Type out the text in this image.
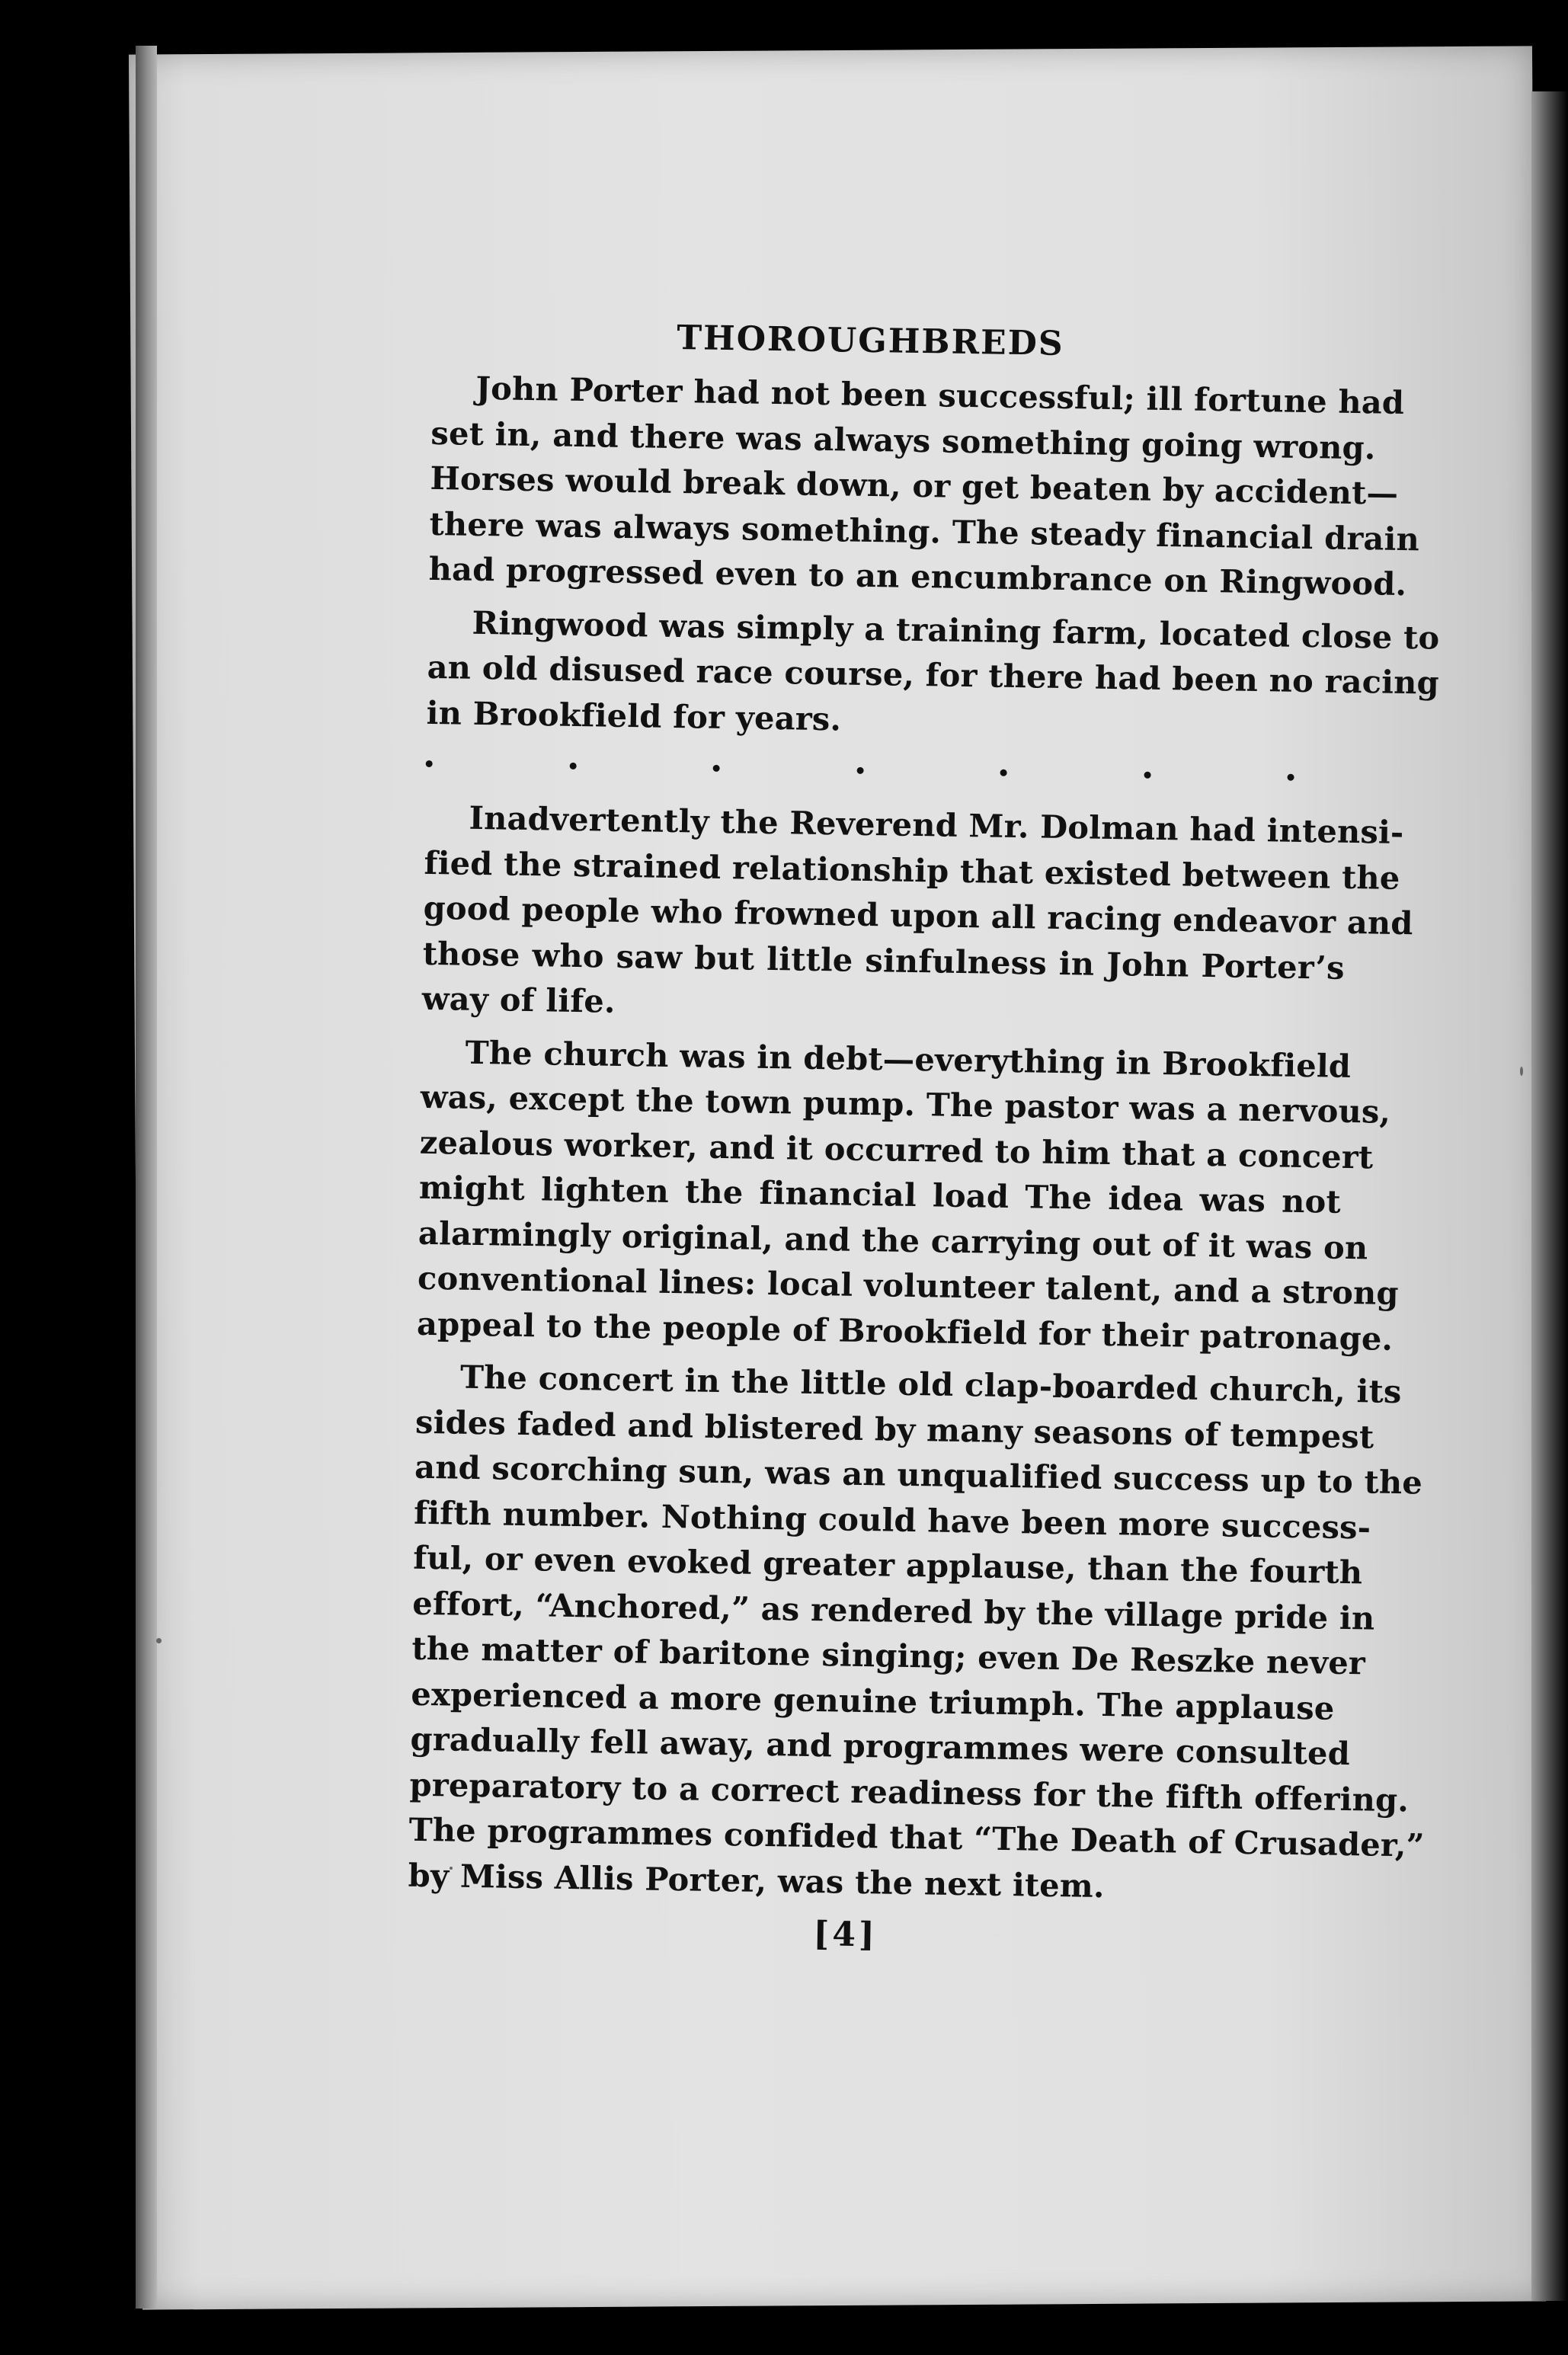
THOROUGHBREDS
John Porter had not been successful; ill fortune had
set in, and there was always something going wrong.
Horses would break down, or get beaten by accident—
there was always something. The steady financial drain
had progressed even to an encumbrance on Ringwood.
Ringwood was simply a training farm, located close to
an old disused race course, for there had been no racing
in Brookfield for years.
Inadvertently the Reverend Mr. Dolman had intensi-
fied the strained relationship that existed between the
good people who frowned upon all racing endeavor and
those who saw but little sinfulness in John Porter’s
way of life.
The church was in debt—everything in Brookfield
was, except the town pump. The pastor was a nervous,
zealous worker, and it occurred to him that a concert
might lighten the financial load The idea was not
alarmingly original, and the carrying out of it was on
conventional lines: local volunteer talent, and a strong
appeal to the people of Brookfield for their patronage.
The concert in the little old clap-boarded church, its
sides faded and blistered by many seasons of tempest
and scorching sun, was an unqualified success up to the
fifth number. Nothing could have been more success-
ful, or even evoked greater applause, than the fourth
effort, “Anchored,” as rendered by the village pride in
the matter of baritone singing; even De Reszke never
experienced a more genuine triumph. The applause
gradually fell away, and programmes were consulted
preparatory to a correct readiness for the fifth offering.
The programmes confided that “The Death of Crusader,”
by Miss Allis Porter, was the next item.
[4]
